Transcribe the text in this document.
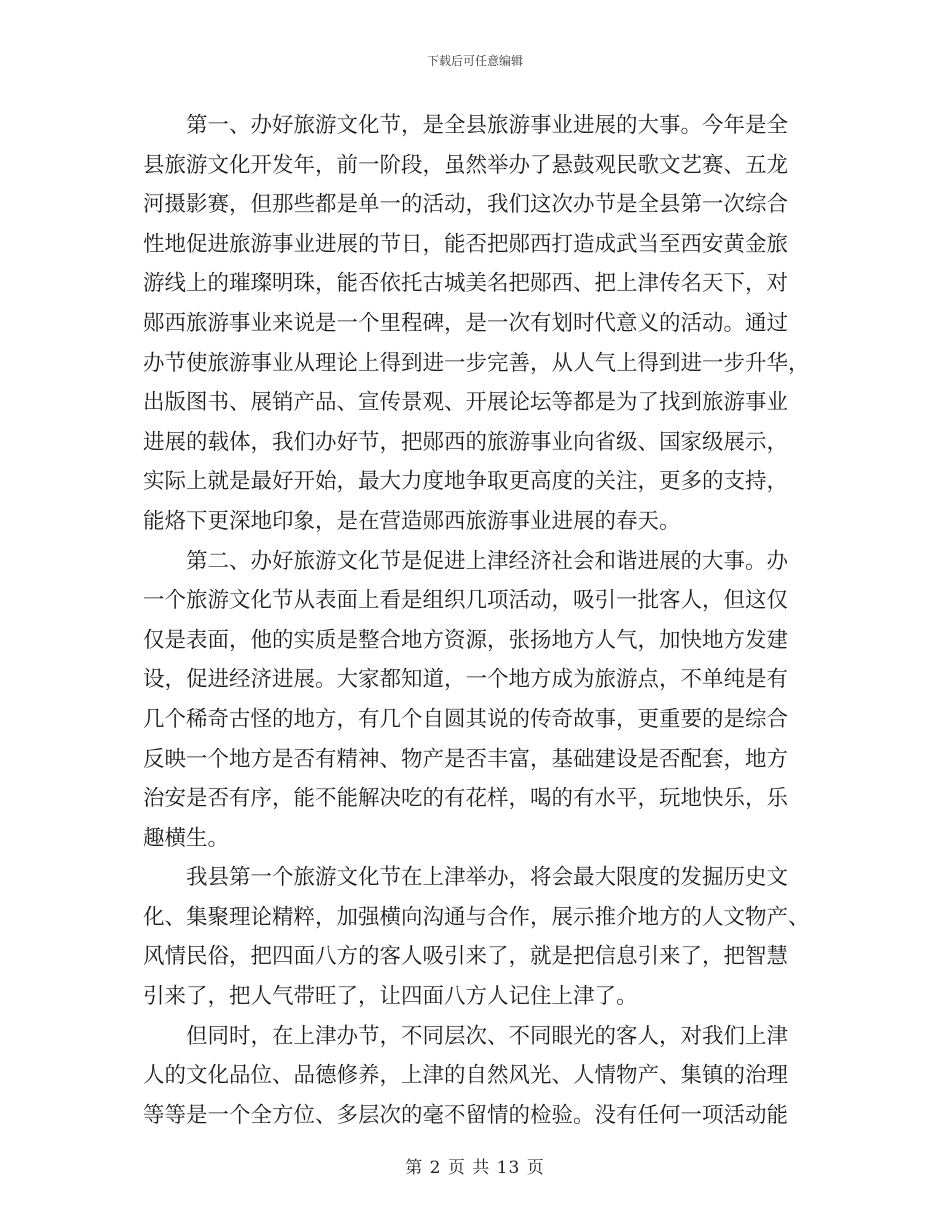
下载后可任意编辑

第一、办好旅游文化节，是全县旅游事业进展的大事。今年是全
县旅游文化开发年，前一阶段，虽然举办了悬鼓观民歌文艺赛、五龙
河摄影赛，但那些都是单一的活动，我们这次办节是全县第一次综合
性地促进旅游事业进展的节日，能否把郧西打造成武当至西安黄金旅
游线上的璀璨明珠，能否依托古城美名把郧西、把上津传名天下，对
郧西旅游事业来说是一个里程碑，是一次有划时代意义的活动。通过
办节使旅游事业从理论上得到进一步完善，从人气上得到进一步升华，
出版图书、展销产品、宣传景观、开展论坛等都是为了找到旅游事业
进展的载体，我们办好节，把郧西的旅游事业向省级、国家级展示，
实际上就是最好开始，最大力度地争取更高度的关注，更多的支持，
能烙下更深地印象，是在营造郧西旅游事业进展的春天。

第二、办好旅游文化节是促进上津经济社会和谐进展的大事。办
一个旅游文化节从表面上看是组织几项活动，吸引一批客人，但这仅
仅是表面，他的实质是整合地方资源，张扬地方人气，加快地方发建
设，促进经济进展。大家都知道，一个地方成为旅游点，不单纯是有
几个稀奇古怪的地方，有几个自圆其说的传奇故事，更重要的是综合
反映一个地方是否有精神、物产是否丰富，基础建设是否配套，地方
治安是否有序，能不能解决吃的有花样，喝的有水平，玩地快乐，乐
趣横生。

我县第一个旅游文化节在上津举办，将会最大限度的发掘历史文
化、集聚理论精粹，加强横向沟通与合作，展示推介地方的人文物产、
风情民俗，把四面八方的客人吸引来了，就是把信息引来了，把智慧
引来了，把人气带旺了，让四面八方人记住上津了。

但同时，在上津办节，不同层次、不同眼光的客人，对我们上津
人的文化品位、品德修养，上津的自然风光、人情物产、集镇的治理
等等是一个全方位、多层次的毫不留情的检验。没有任何一项活动能

第 2 页 共 13 页
